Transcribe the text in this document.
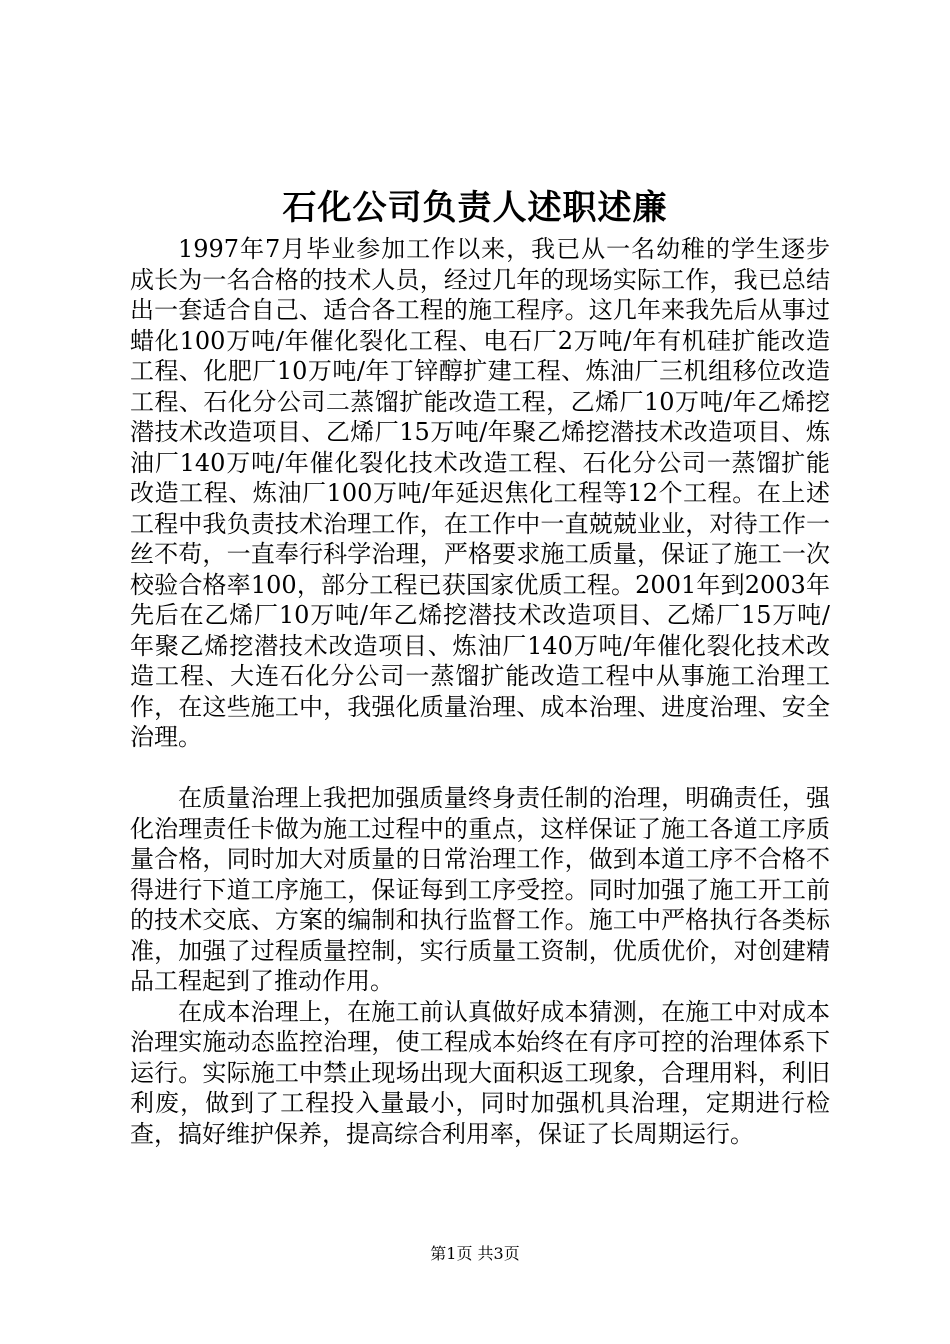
石化公司负责人述职述廉

1997年7月毕业参加工作以来，我已从一名幼稚的学生逐步成长为一名合格的技术人员，经过几年的现场实际工作，我已总结出一套适合自己、适合各工程的施工程序。这几年来我先后从事过蜡化100万吨/年催化裂化工程、电石厂2万吨/年有机硅扩能改造工程、化肥厂10万吨/年丁锌醇扩建工程、炼油厂三机组移位改造工程、石化分公司二蒸馏扩能改造工程，乙烯厂10万吨/年乙烯挖潜技术改造项目、乙烯厂15万吨/年聚乙烯挖潜技术改造项目、炼油厂140万吨/年催化裂化技术改造工程、石化分公司一蒸馏扩能改造工程、炼油厂100万吨/年延迟焦化工程等12个工程。在上述工程中我负责技术治理工作，在工作中一直兢兢业业，对待工作一丝不苟，一直奉行科学治理，严格要求施工质量，保证了施工一次校验合格率100，部分工程已获国家优质工程。2001年到2003年先后在乙烯厂10万吨/年乙烯挖潜技术改造项目、乙烯厂15万吨/年聚乙烯挖潜技术改造项目、炼油厂140万吨/年催化裂化技术改造工程、大连石化分公司一蒸馏扩能改造工程中从事施工治理工作，在这些施工中，我强化质量治理、成本治理、进度治理、安全治理。

在质量治理上我把加强质量终身责任制的治理，明确责任，强化治理责任卡做为施工过程中的重点，这样保证了施工各道工序质量合格，同时加大对质量的日常治理工作，做到本道工序不合格不得进行下道工序施工，保证每到工序受控。同时加强了施工开工前的技术交底、方案的编制和执行监督工作。施工中严格执行各类标准，加强了过程质量控制，实行质量工资制，优质优价，对创建精品工程起到了推动作用。

在成本治理上，在施工前认真做好成本猜测，在施工中对成本治理实施动态监控治理，使工程成本始终在有序可控的治理体系下运行。实际施工中禁止现场出现大面积返工现象，合理用料，利旧利废，做到了工程投入量最小，同时加强机具治理，定期进行检查，搞好维护保养，提高综合利用率，保证了长周期运行。

第1页 共3页
